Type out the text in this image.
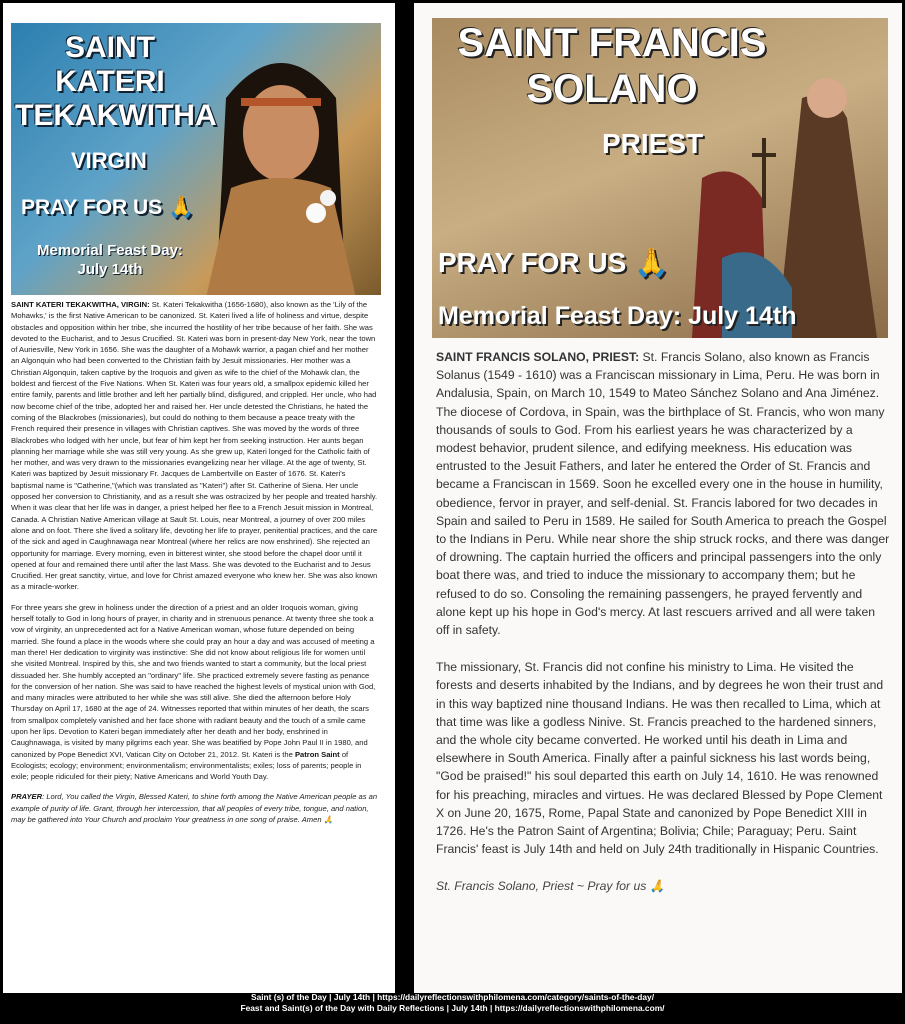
SAINT KATERI TEKAKWITHA
VIRGIN
PRAY FOR US 🙏
Memorial Feast Day:
July 14th

SAINT KATERI TEKAKWITHA, VIRGIN: St. Kateri Tekakwitha (1656-1680), also known as the 'Lily of the Mohawks,' is the first Native American to be canonized. St. Kateri lived a life of holiness and virtue, despite obstacles and opposition within her tribe, she incurred the hostility of her tribe because of her faith. She was devoted to the Eucharist, and to Jesus Crucified. St. Kateri was born in present-day New York, near the town of Auriesville, New York in 1656. She was the daughter of a Mohawk warrior, a pagan chief and her mother an Algonquin who had been converted to the Christian faith by Jesuit missionaries. Her mother was a Christian Algonquin, taken captive by the Iroquois and given as wife to the chief of the Mohawk clan, the boldest and fiercest of the Five Nations. When St. Kateri was four years old, a smallpox epidemic killed her entire family, parents and little brother and left her partially blind, disfigured, and crippled. Her uncle, who had now become chief of the tribe, adopted her and raised her. Her uncle detested the Christians, he hated the coming of the Blackrobes (missionaries), but could do nothing to them because a peace treaty with the French required their presence in villages with Christian captives. She was moved by the words of three Blackrobes who lodged with her uncle, but fear of him kept her from seeking instruction. Her aunts began planning her marriage while she was still very young. As she grew up, Kateri longed for the Catholic faith of her mother, and was very drawn to the missionaries evangelizing near her village. At the age of twenty, St. Kateri was baptized by Jesuit missionary Fr. Jacques de Lambertville on Easter of 1676. St. Kateri's baptismal name is "Catherine,"(which was translated as "Kateri") after St. Catherine of Siena. Her uncle opposed her conversion to Christianity, and as a result she was ostracized by her people and treated harshly. When it was clear that her life was in danger, a priest helped her flee to a French Jesuit mission in Montreal, Canada. A Christian Native American village at Sault St. Louis, near Montreal, a journey of over 200 miles alone and on foot. There she lived a solitary life, devoting her life to prayer, penitential practices, and the care of the sick and aged in Caughnawaga near Montreal (where her relics are now enshrined). She rejected an opportunity for marriage. Every morning, even in bitterest winter, she stood before the chapel door until it opened at four and remained there until after the last Mass. She was devoted to the Eucharist and to Jesus Crucified. Her great sanctity, virtue, and love for Christ amazed everyone who knew her. She was also known as a miracle-worker.

For three years she grew in holiness under the direction of a priest and an older Iroquois woman, giving herself totally to God in long hours of prayer, in charity and in strenuous penance. At twenty three she took a vow of virginity, an unprecedented act for a Native American woman, whose future depended on being married. She found a place in the woods where she could pray an hour a day and was accused of meeting a man there! Her dedication to virginity was instinctive: She did not know about religious life for women until she visited Montreal. Inspired by this, she and two friends wanted to start a community, but the local priest dissuaded her. She humbly accepted an "ordinary" life. She practiced extremely severe fasting as penance for the conversion of her nation. She was said to have reached the highest levels of mystical union with God, and many miracles were attributed to her while she was still alive. She died the afternoon before Holy Thursday on April 17, 1680 at the age of 24. Witnesses reported that within minutes of her death, the scars from smallpox completely vanished and her face shone with radiant beauty and the touch of a smile came upon her lips. Devotion to Kateri began immediately after her death and her body, enshrined in Caughnawaga, is visited by many pilgrims each year. She was beatified by Pope John Paul II in 1980, and canonized by Pope Benedict XVI, Vatican City on October 21, 2012. St. Kateri is the Patron Saint of Ecologists; ecology; environment; environmentalism; environmentalists; exiles; loss of parents; people in exile; people ridiculed for their piety; Native Americans and World Youth Day.

PRAYER: Lord, You called the Virgin, Blessed Kateri, to shine forth among the Native American people as an example of purity of life. Grant, through her intercession, that all peoples of every tribe, tongue, and nation, may be gathered into Your Church and proclaim Your greatness in one song of praise. Amen 🙏

SAINT FRANCIS SOLANO
PRIEST
PRAY FOR US 🙏
Memorial Feast Day: July 14th

SAINT FRANCIS SOLANO, PRIEST: St. Francis Solano, also known as Francis Solanus (1549 - 1610) was a Franciscan missionary in Lima, Peru. He was born in Andalusia, Spain, on March 10, 1549 to Mateo Sánchez Solano and Ana Jiménez. The diocese of Cordova, in Spain, was the birthplace of St. Francis, who won many thousands of souls to God. From his earliest years he was characterized by a modest behavior, prudent silence, and edifying meekness. His education was entrusted to the Jesuit Fathers, and later he entered the Order of St. Francis and became a Franciscan in 1569. Soon he excelled every one in the house in humility, obedience, fervor in prayer, and self-denial. St. Francis labored for two decades in Spain and sailed to Peru in 1589. He sailed for South America to preach the Gospel to the Indians in Peru. While near shore the ship struck rocks, and there was danger of drowning. The captain hurried the officers and principal passengers into the only boat there was, and tried to induce the missionary to accompany them; but he refused to do so. Consoling the remaining passengers, he prayed fervently and alone kept up his hope in God's mercy. At last rescuers arrived and all were taken off in safety.

The missionary, St. Francis did not confine his ministry to Lima. He visited the forests and deserts inhabited by the Indians, and by degrees he won their trust and in this way baptized nine thousand Indians. He was then recalled to Lima, which at that time was like a godless Ninive. St. Francis preached to the hardened sinners, and the whole city became converted. He worked until his death in Lima and elsewhere in South America. Finally after a painful sickness his last words being, "God be praised!" his soul departed this earth on July 14, 1610. He was renowned for his preaching, miracles and virtues. He was declared Blessed by Pope Clement X on June 20, 1675, Rome, Papal State and canonized by Pope Benedict XIII in 1726. He's the Patron Saint of Argentina; Bolivia; Chile; Paraguay; Peru. Saint Francis' feast is July 14th and held on July 24th traditionally in Hispanic Countries.

St. Francis Solano, Priest ~ Pray for us 🙏

Saint (s) of the Day | July 14th | https://dailyreflectionswithphilomena.com/category/saints-of-the-day/
Feast and Saint(s) of the Day with Daily Reflections | July 14th | https://dailyreflectionswithphilomena.com/
